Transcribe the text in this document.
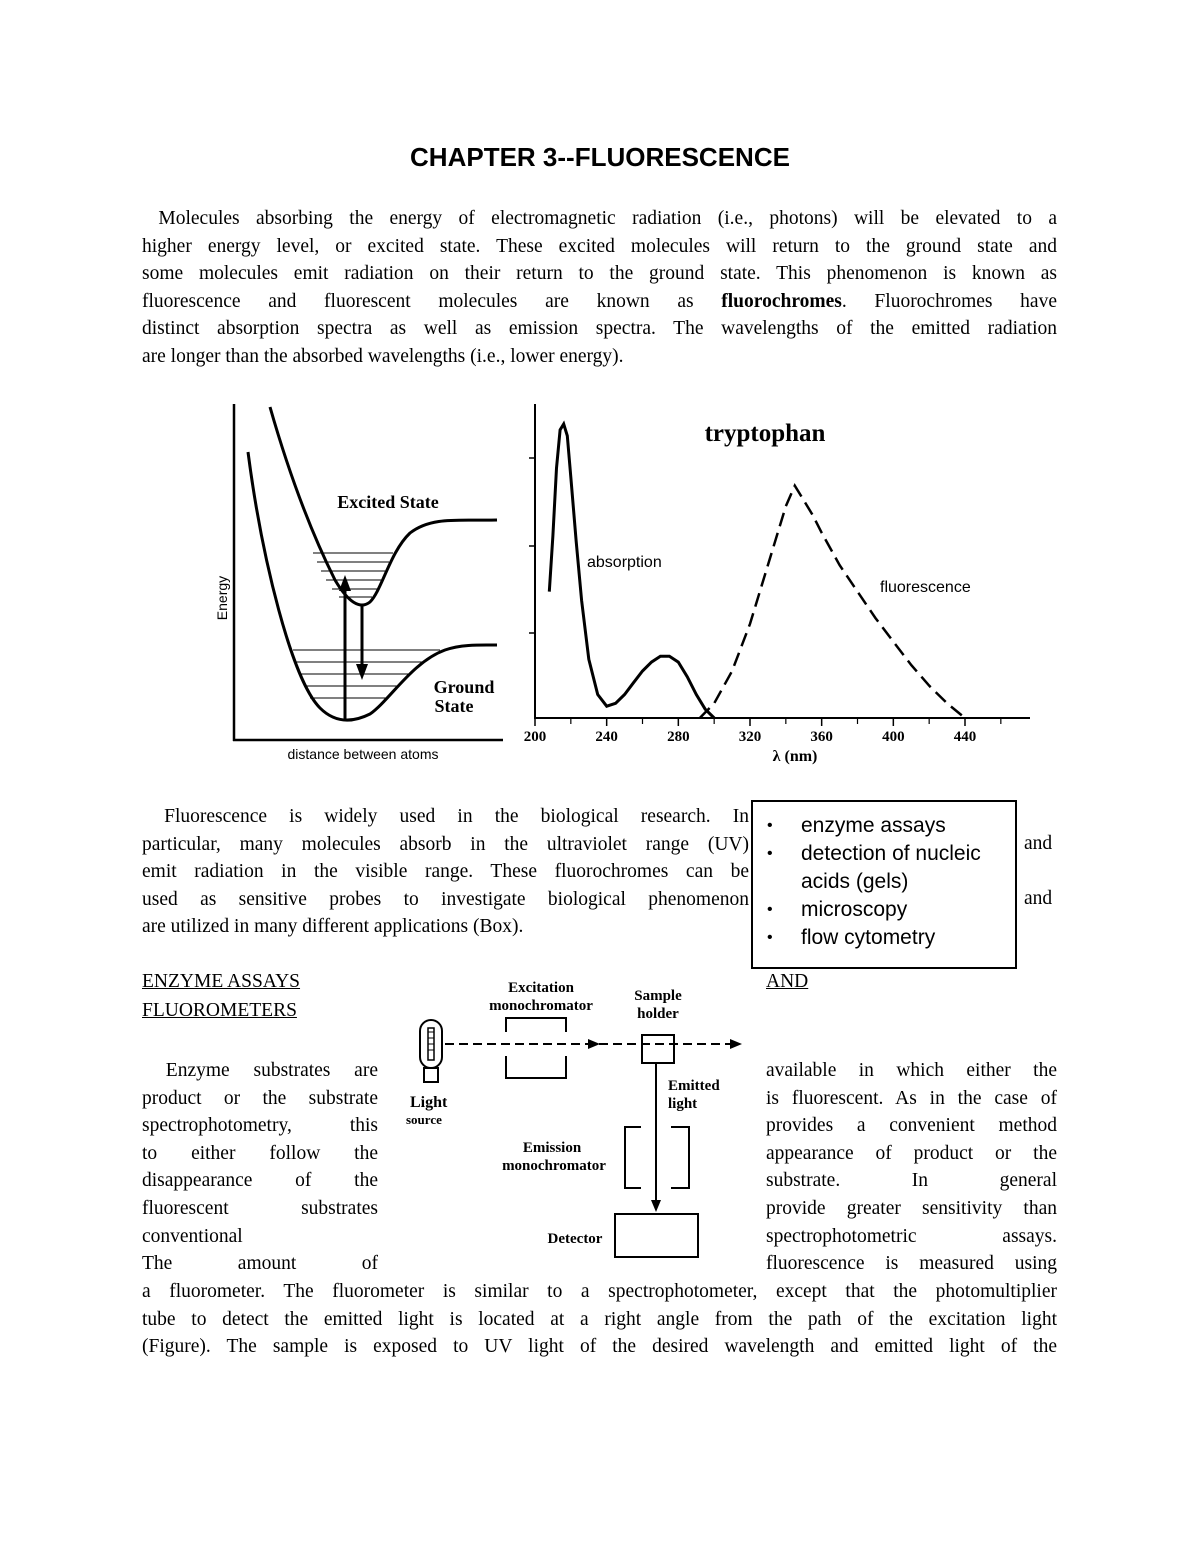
CHAPTER 3--FLUORESCENCE
Molecules absorbing the energy of electromagnetic radiation (i.e., photons) will be elevated to a
higher energy level, or excited state. These excited molecules will return to the ground state and
some molecules emit radiation on their return to the ground state. This phenomenon is known as
fluorescence and fluorescent molecules are known as fluorochromes. Fluorochromes have
distinct absorption spectra as well as emission spectra. The wavelengths of the emitted radiation
are longer than the absorbed wavelengths (i.e., lower energy).
Energy
distance between atoms
Excited State
Ground
State
200	240	280	320	360	400	440
tryptophan
absorption
fluorescence
λ (nm)
Fluorescence is widely used in the biological research. In
particular, many molecules absorb in the ultraviolet range (UV)
emit radiation in the visible range. These fluorochromes can be
used as sensitive probes to investigate biological phenomenon
are utilized in many different applications (Box).
and
and
• enzyme assays
• detection of nucleic acids (gels)
• microscopy
• flow cytometry
ENZYME ASSAYS
FLUOROMETERS
AND
Enzyme substrates are
product or the substrate
spectrophotometry, this
to either follow the
disappearance of the
fluorescent substrates
conventional
The amount of
available in which either the
is fluorescent. As in the case of
provides a convenient method
appearance of product or the
substrate. In general
provide greater sensitivity than
spectrophotometric assays.
fluorescence is measured using
Excitation
monochromator
Sample
holder
Emitted
light
Light
source
Emission
monochromator
Detector
a fluorometer. The fluorometer is similar to a spectrophotometer, except that the photomultiplier
tube to detect the emitted light is located at a right angle from the path of the excitation light
(Figure). The sample is exposed to UV light of the desired wavelength and emitted light of the
